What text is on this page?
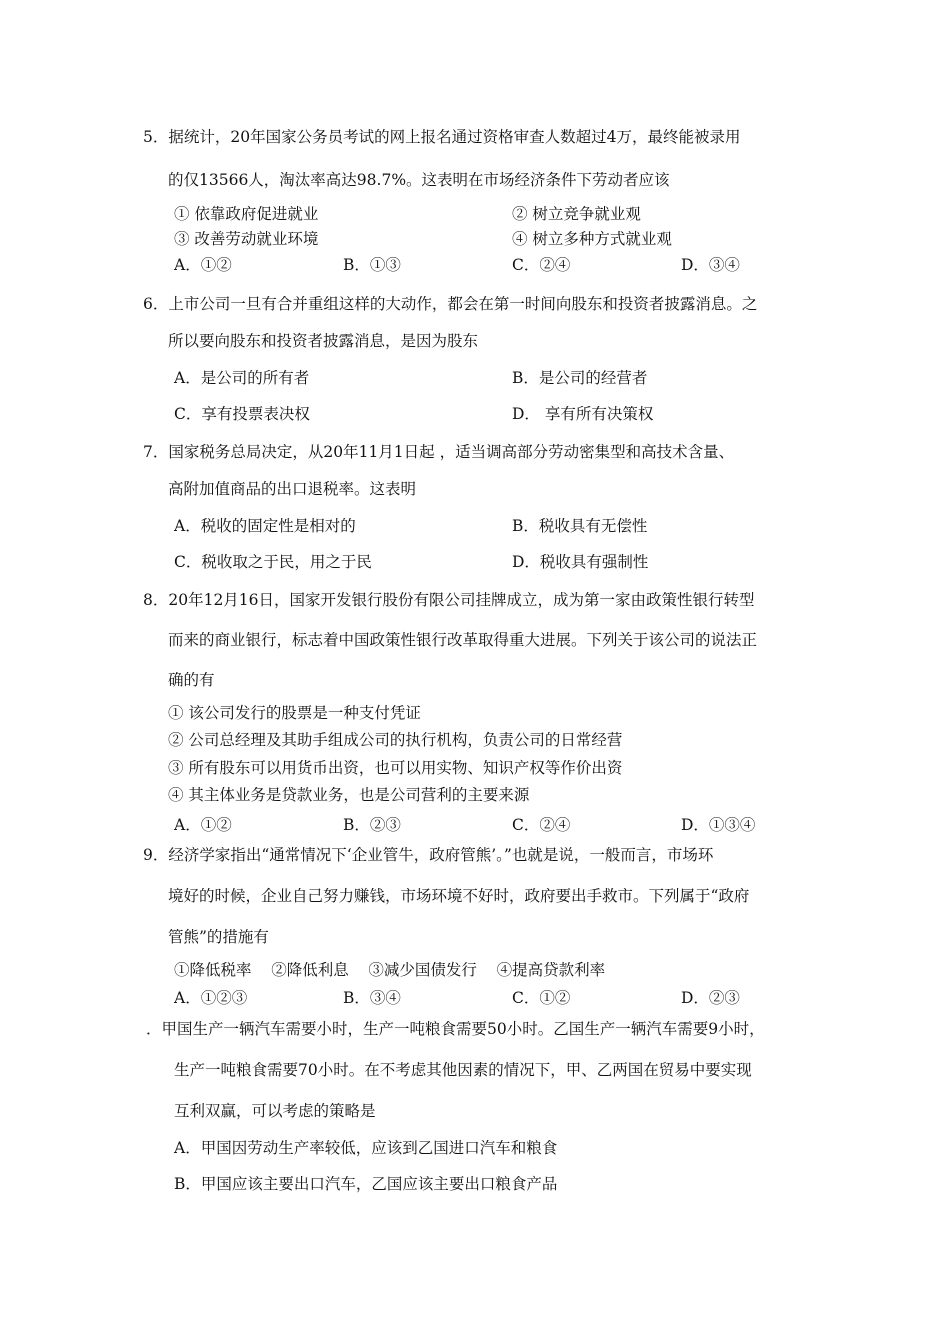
5．据统计，20年国家公务员考试的网上报名通过资格审查人数超过4万，最终能被录用
的仅13566人，淘汰率高达98.7%。这表明在市场经济条件下劳动者应该
① 依靠政府促进就业	② 树立竞争就业观
③ 改善劳动就业环境	④ 树立多种方式就业观
A．①②	B．①③	C．②④	D．③④
6．上市公司一旦有合并重组这样的大动作，都会在第一时间向股东和投资者披露消息。之
所以要向股东和投资者披露消息，是因为股东
A．是公司的所有者	B．是公司的经营者
C．享有投票表决权	D． 享有所有决策权
7．国家税务总局决定，从20年11月1日起 ，适当调高部分劳动密集型和高技术含量、
高附加值商品的出口退税率。这表明
A．税收的固定性是相对的	B．税收具有无偿性
C．税收取之于民，用之于民	D．税收具有强制性
8．20年12月16日，国家开发银行股份有限公司挂牌成立，成为第一家由政策性银行转型
而来的商业银行，标志着中国政策性银行改革取得重大进展。下列关于该公司的说法正
确的有
① 该公司发行的股票是一种支付凭证
② 公司总经理及其助手组成公司的执行机构，负责公司的日常经营
③ 所有股东可以用货币出资，也可以用实物、知识产权等作价出资
④ 其主体业务是贷款业务，也是公司营利的主要来源
A．①②	B．②③	C．②④	D．①③④
9．经济学家指出“通常情况下‘企业管牛，政府管熊’。”也就是说，一般而言，市场环
境好的时候，企业自己努力赚钱，市场环境不好时，政府要出手救市。下列属于“政府
管熊”的措施有
①降低税率    ②降低利息    ③减少国债发行    ④提高贷款利率
A．①②③	B．③④	C．①②	D．②③
．甲国生产一辆汽车需要小时，生产一吨粮食需要50小时。乙国生产一辆汽车需要9小时，
生产一吨粮食需要70小时。在不考虑其他因素的情况下，甲、乙两国在贸易中要实现
互利双赢，可以考虑的策略是
A．甲国因劳动生产率较低，应该到乙国进口汽车和粮食
B．甲国应该主要出口汽车，乙国应该主要出口粮食产品
